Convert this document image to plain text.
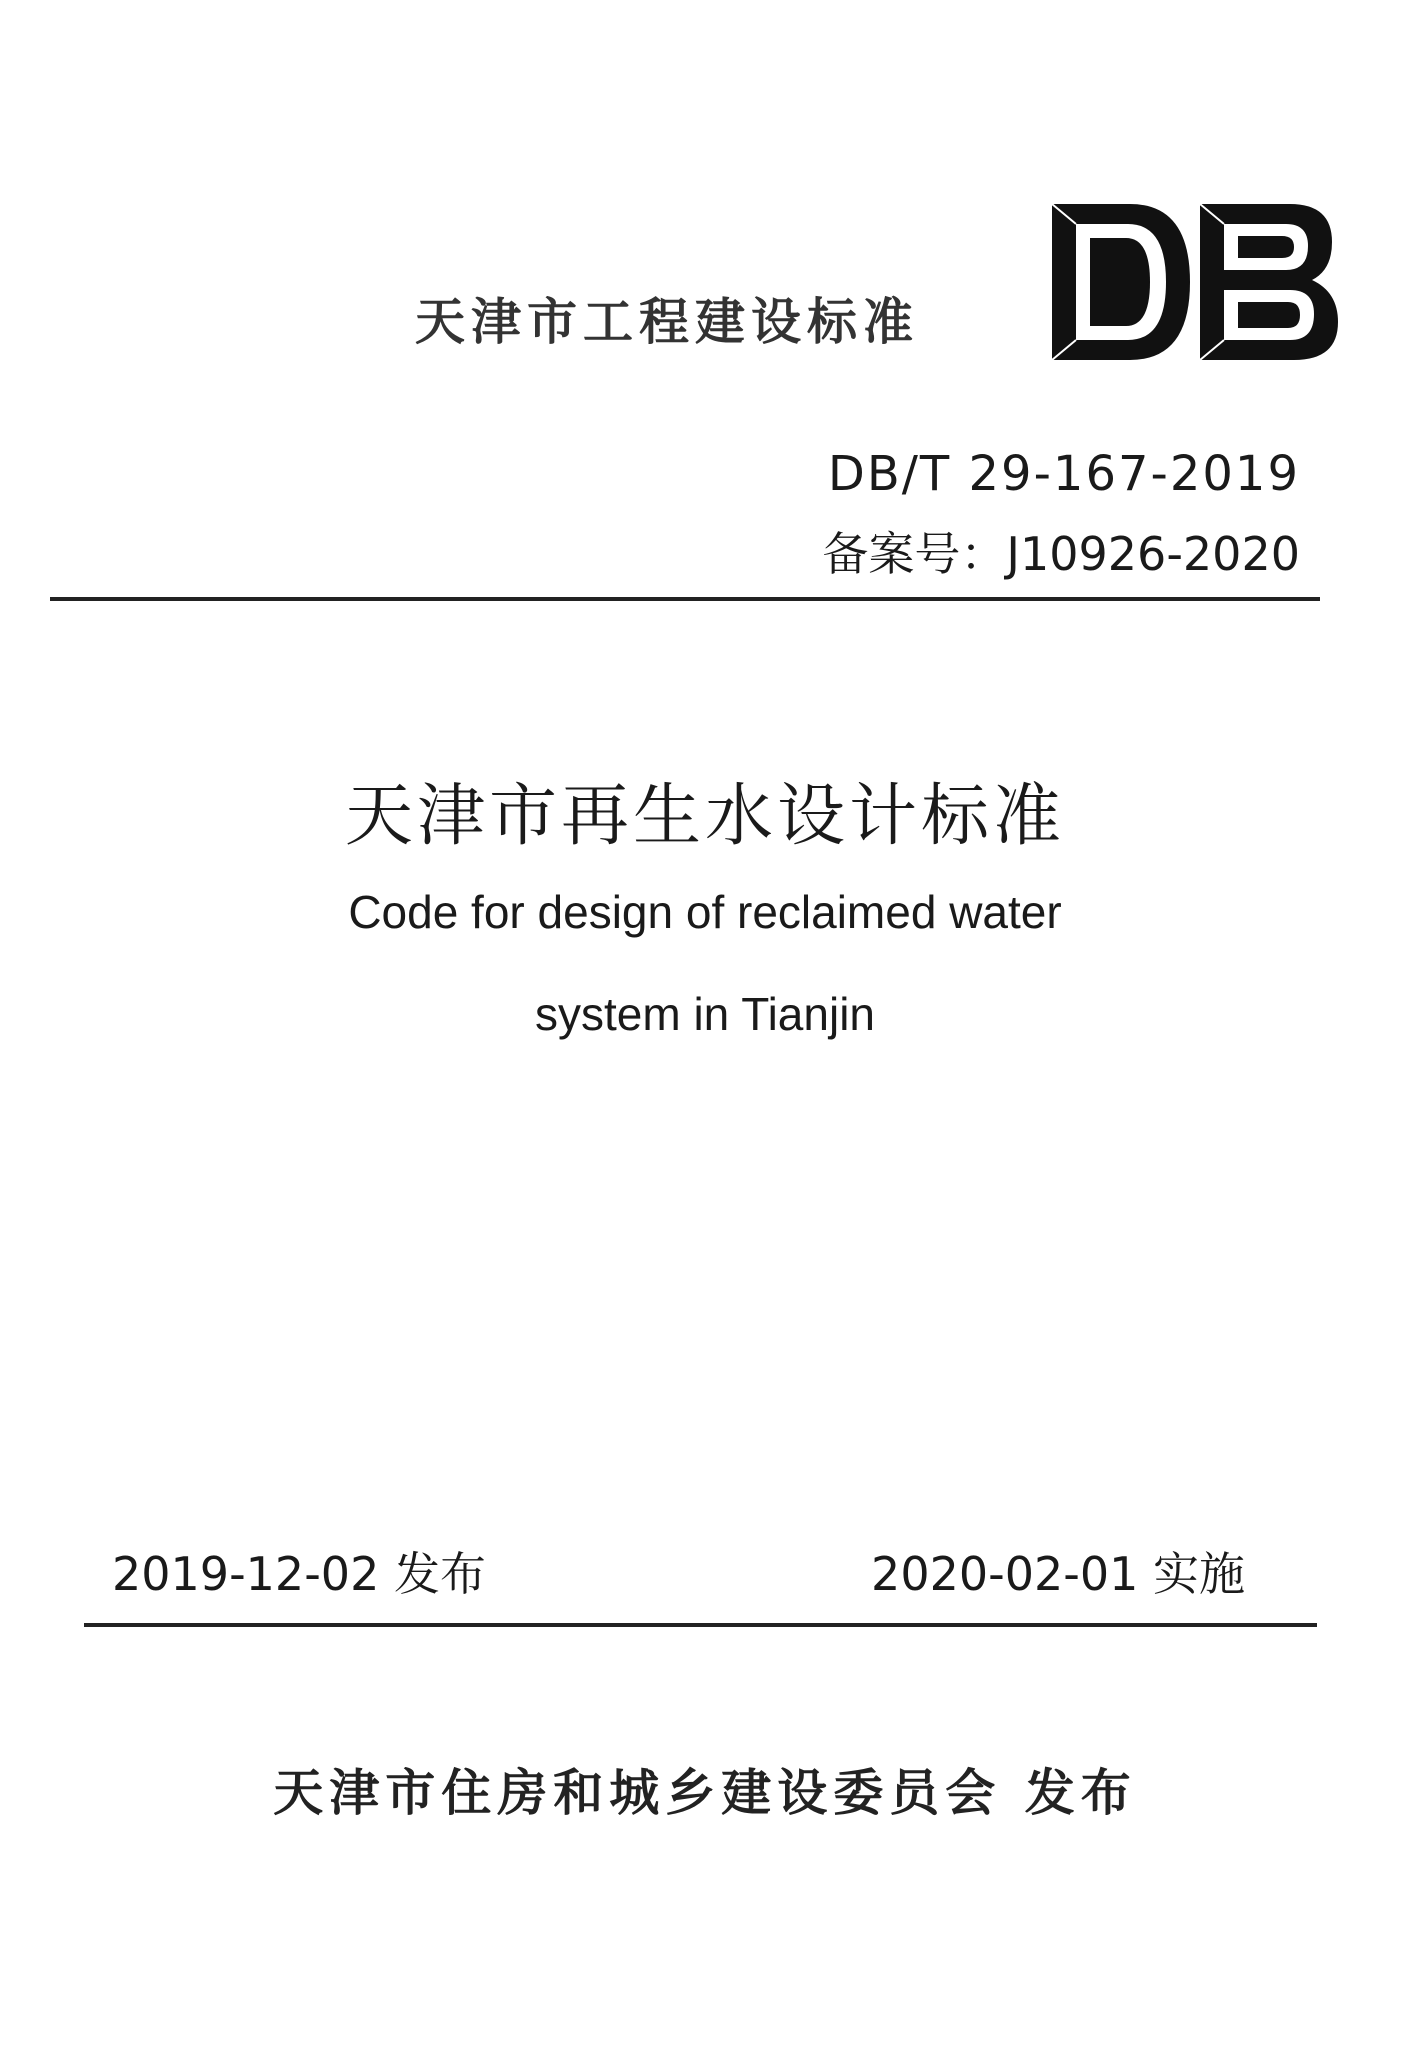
天津市工程建设标准
DB/T 29-167-2019
备案号：J10926-2020
天津市再生水设计标准
Code for design of reclaimed water
system in Tianjin
2019-12-02 发布	2020-02-01 实施
天津市住房和城乡建设委员会 发布
